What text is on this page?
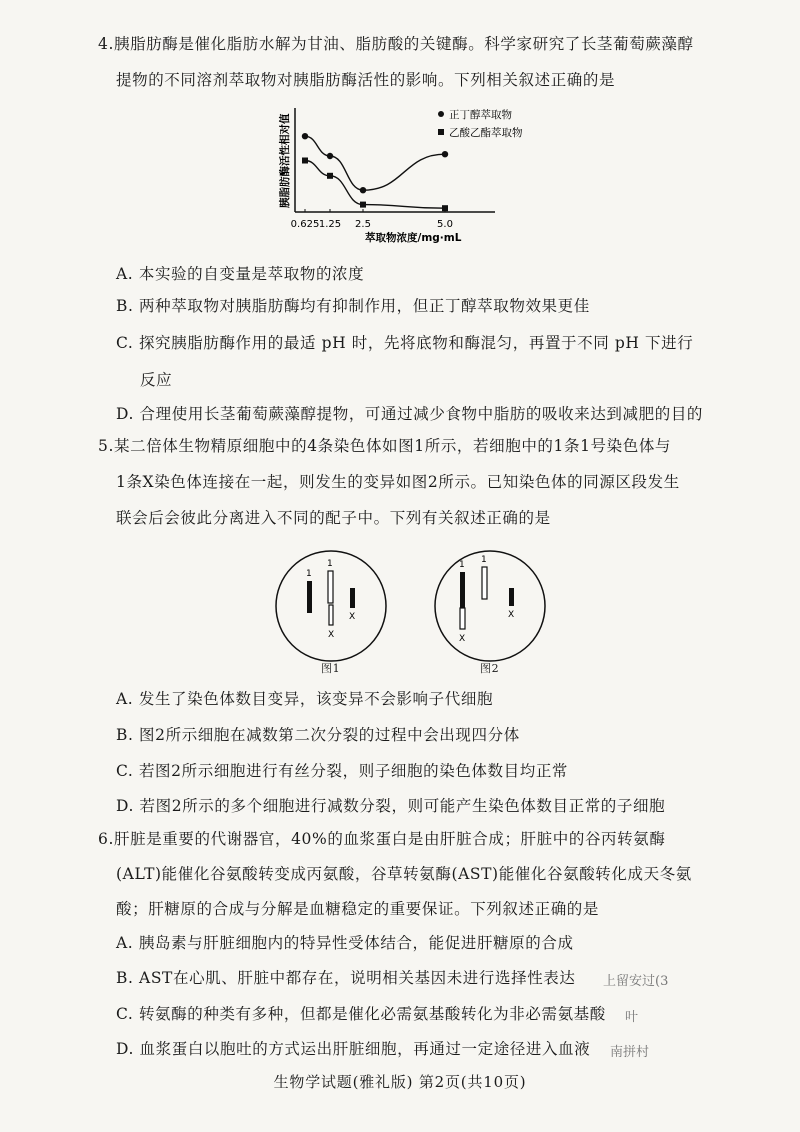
4.胰脂肪酶是催化脂肪水解为甘油、脂肪酸的关键酶。科学家研究了长茎葡萄蕨藻醇
提物的不同溶剂萃取物对胰脂肪酶活性的影响。下列相关叙述正确的是
胰脂肪酶活性相对值
0.625 1.25 2.5	5.0
正丁醇萃取物
乙酸乙酯萃取物
萃取物浓度/mg·mL
A. 本实验的自变量是萃取物的浓度
B. 两种萃取物对胰脂肪酶均有抑制作用，但正丁醇萃取物效果更佳
C. 探究胰脂肪酶作用的最适 pH 时，先将底物和酶混匀，再置于不同 pH 下进行
反应
D. 合理使用长茎葡萄蕨藻醇提物，可通过减少食物中脂肪的吸收来达到减肥的目的
5.某二倍体生物精原细胞中的4条染色体如图1所示，若细胞中的1条1号染色体与
1条X染色体连接在一起，则发生的变异如图2所示。已知染色体的同源区段发生
联会后会彼此分离进入不同的配子中。下列有关叙述正确的是
1
1
X
X
图1
1
X
1
X
图2
A. 发生了染色体数目变异，该变异不会影响子代细胞
B. 图2所示细胞在减数第二次分裂的过程中会出现四分体
C. 若图2所示细胞进行有丝分裂，则子细胞的染色体数目均正常
D. 若图2所示的多个细胞进行减数分裂，则可能产生染色体数目正常的子细胞
6.肝脏是重要的代谢器官，40%的血浆蛋白是由肝脏合成；肝脏中的谷丙转氨酶
(ALT)能催化谷氨酸转变成丙氨酸，谷草转氨酶(AST)能催化谷氨酸转化成天冬氨
酸；肝糖原的合成与分解是血糖稳定的重要保证。下列叙述正确的是
A. 胰岛素与肝脏细胞内的特异性受体结合，能促进肝糖原的合成
B. AST在心肌、肝脏中都存在，说明相关基因未进行选择性表达
C. 转氨酶的种类有多种，但都是催化必需氨基酸转化为非必需氨基酸
D. 血浆蛋白以胞吐的方式运出肝脏细胞，再通过一定途径进入血液
上留安过(3
叶
南拼村
生物学试题(雅礼版) 第2页(共10页)
